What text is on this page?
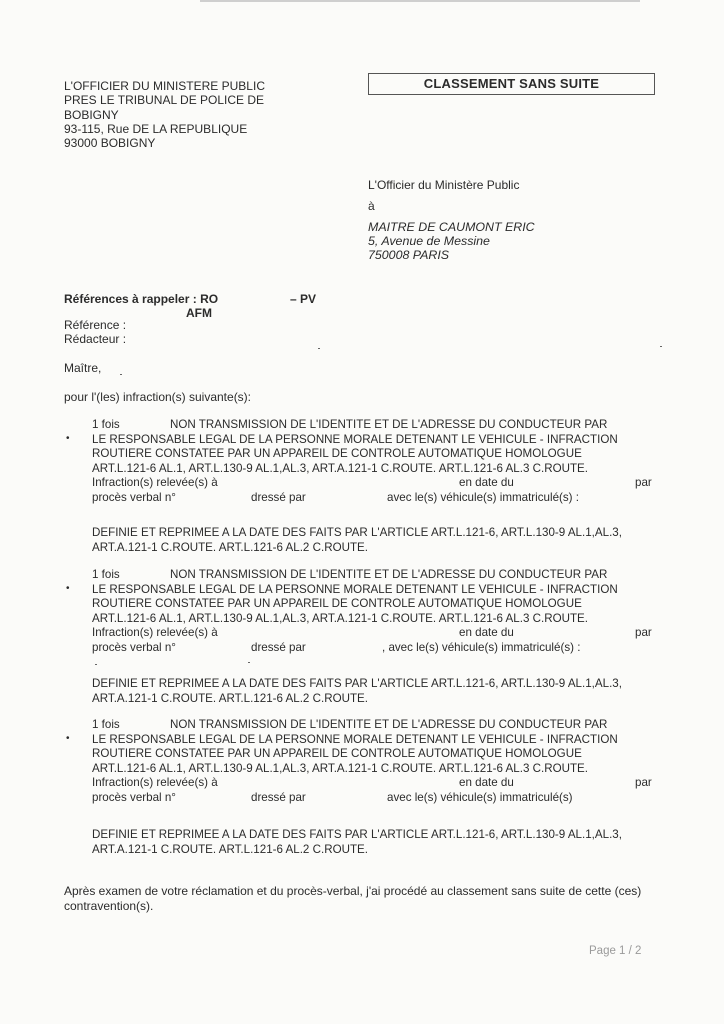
CLASSEMENT SANS SUITE
L'OFFICIER DU MINISTERE PUBLIC
PRES LE TRIBUNAL DE POLICE DE
BOBIGNY
93-115, Rue DE LA REPUBLIQUE
93000 BOBIGNY
L'Officier du Ministère Public
à
MAITRE DE CAUMONT ERIC
5, Avenue de Messine
750008 PARIS
Références à rappeler : RO	– PV
AFM
Référence :
Rédacteur :
Maître,
pour l'(les) infraction(s) suivante(s):
•
1 fois	NON TRANSMISSION DE L'IDENTITE ET DE L'ADRESSE DU CONDUCTEUR PAR
LE RESPONSABLE LEGAL DE LA PERSONNE MORALE DETENANT LE VEHICULE - INFRACTION
ROUTIERE CONSTATEE PAR UN APPAREIL DE CONTROLE AUTOMATIQUE HOMOLOGUE
ART.L.121-6 AL.1, ART.L.130-9 AL.1,AL.3, ART.A.121-1 C.ROUTE. ART.L.121-6 AL.3 C.ROUTE.
Infraction(s) relevée(s) à	en date du	par
procès verbal n°	dressé par	avec le(s) véhicule(s) immatriculé(s) :
DEFINIE ET REPRIMEE A LA DATE DES FAITS PAR L'ARTICLE ART.L.121-6, ART.L.130-9 AL.1,AL.3,
ART.A.121-1 C.ROUTE. ART.L.121-6 AL.2 C.ROUTE.
•
1 fois	NON TRANSMISSION DE L'IDENTITE ET DE L'ADRESSE DU CONDUCTEUR PAR
LE RESPONSABLE LEGAL DE LA PERSONNE MORALE DETENANT LE VEHICULE - INFRACTION
ROUTIERE CONSTATEE PAR UN APPAREIL DE CONTROLE AUTOMATIQUE HOMOLOGUE
ART.L.121-6 AL.1, ART.L.130-9 AL.1,AL.3, ART.A.121-1 C.ROUTE. ART.L.121-6 AL.3 C.ROUTE.
Infraction(s) relevée(s) à	en date du	par
procès verbal n°	dressé par	, avec le(s) véhicule(s) immatriculé(s) :
DEFINIE ET REPRIMEE A LA DATE DES FAITS PAR L'ARTICLE ART.L.121-6, ART.L.130-9 AL.1,AL.3,
ART.A.121-1 C.ROUTE. ART.L.121-6 AL.2 C.ROUTE.
•
1 fois	NON TRANSMISSION DE L'IDENTITE ET DE L'ADRESSE DU CONDUCTEUR PAR
LE RESPONSABLE LEGAL DE LA PERSONNE MORALE DETENANT LE VEHICULE - INFRACTION
ROUTIERE CONSTATEE PAR UN APPAREIL DE CONTROLE AUTOMATIQUE HOMOLOGUE
ART.L.121-6 AL.1, ART.L.130-9 AL.1,AL.3, ART.A.121-1 C.ROUTE. ART.L.121-6 AL.3 C.ROUTE.
Infraction(s) relevée(s) à	en date du	par
procès verbal n°	dressé par	avec le(s) véhicule(s) immatriculé(s)
DEFINIE ET REPRIMEE A LA DATE DES FAITS PAR L'ARTICLE ART.L.121-6, ART.L.130-9 AL.1,AL.3,
ART.A.121-1 C.ROUTE. ART.L.121-6 AL.2 C.ROUTE.
Après examen de votre réclamation et du procès-verbal, j'ai procédé au classement sans suite de cette (ces)
contravention(s).
Page 1 / 2
